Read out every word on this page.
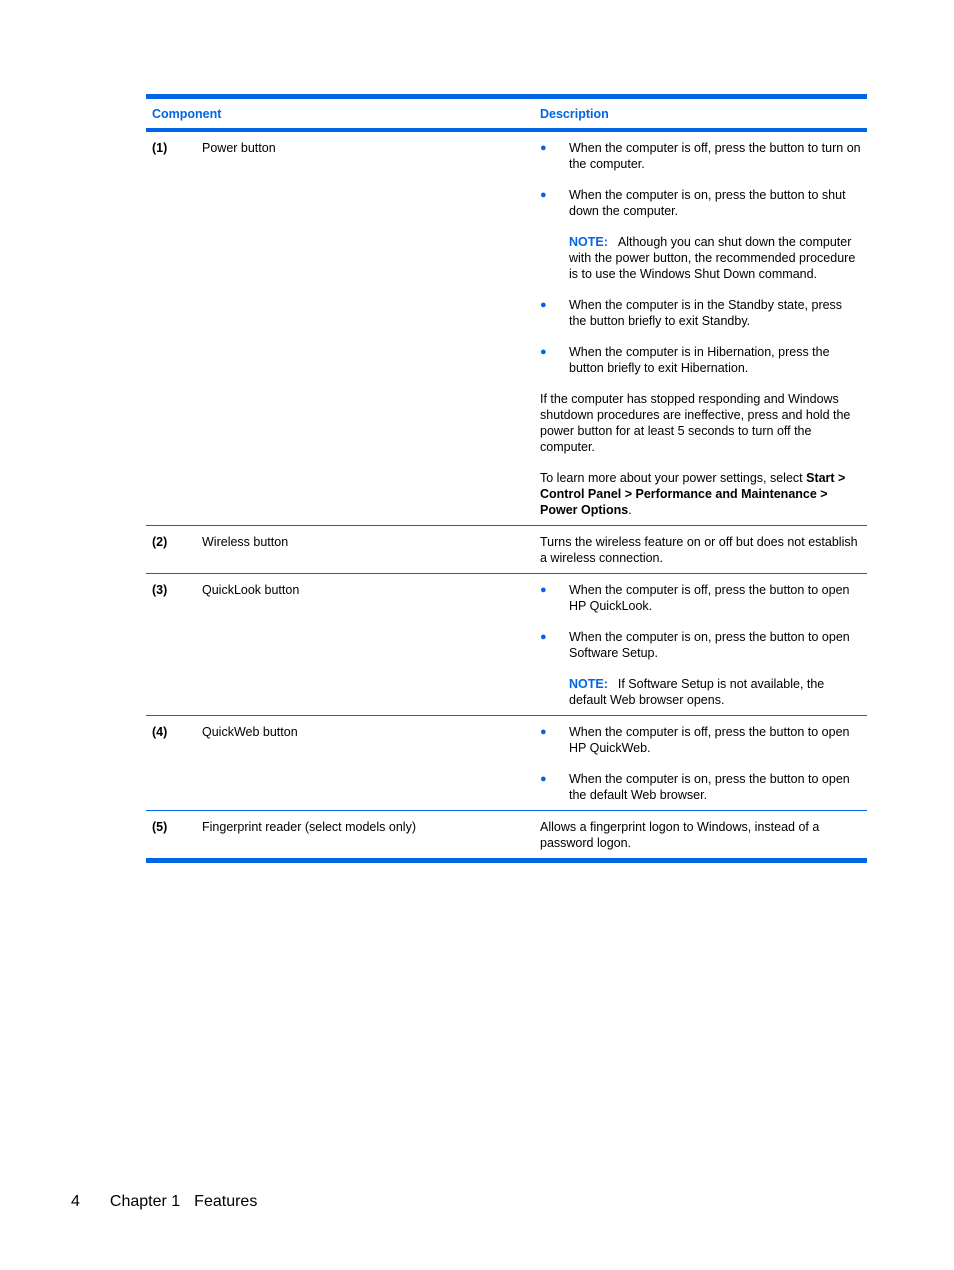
Component	Description
(1)	Power button	●	When the computer is off, press the button to turn on the computer.
●	When the computer is on, press the button to shut down the computer.
NOTE: Although you can shut down the computer with the power button, the recommended procedure is to use the Windows Shut Down command.
●	When the computer is in the Standby state, press the button briefly to exit Standby.
●	When the computer is in Hibernation, press the button briefly to exit Hibernation.
If the computer has stopped responding and Windows shutdown procedures are ineffective, press and hold the power button for at least 5 seconds to turn off the computer.
To learn more about your power settings, select Start > Control Panel > Performance and Maintenance > Power Options.
(2)	Wireless button	Turns the wireless feature on or off but does not establish a wireless connection.
(3)	QuickLook button	●	When the computer is off, press the button to open HP QuickLook.
●	When the computer is on, press the button to open Software Setup.
NOTE: If Software Setup is not available, the default Web browser opens.
(4)	QuickWeb button	●	When the computer is off, press the button to open HP QuickWeb.
●	When the computer is on, press the button to open the default Web browser.
(5)	Fingerprint reader (select models only)	Allows a fingerprint logon to Windows, instead of a password logon.
4 Chapter 1 Features
